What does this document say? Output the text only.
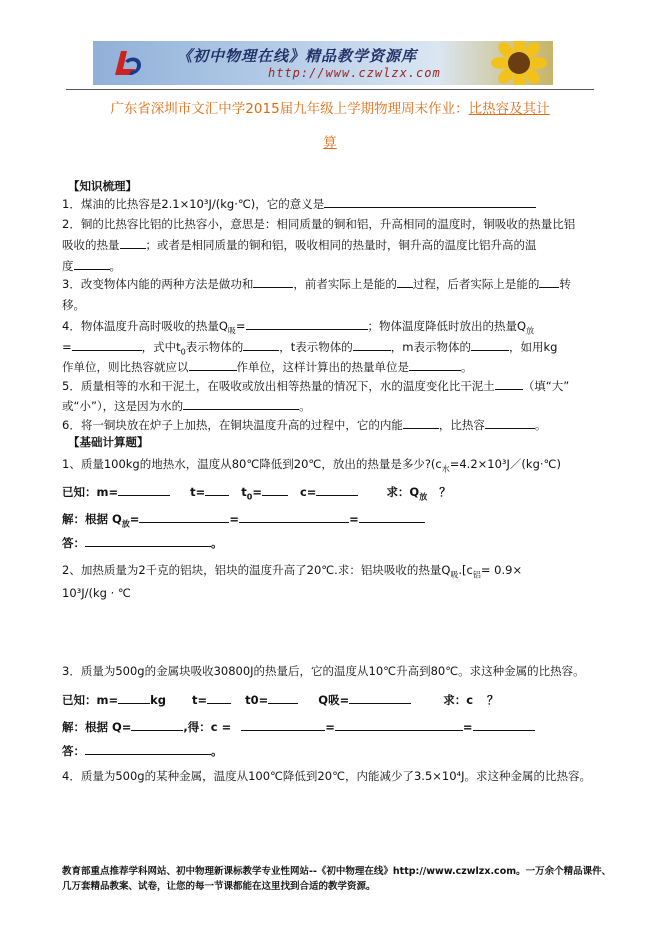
《初中物理在线》精品教学资源库
http://www.czwlzx.com
广东省深圳市文汇中学2015届九年级上学期物理周末作业：比热容及其计
算
【知识梳理】
1．煤油的比热容是2.1×10³J/(kg·℃)，它的意义是
2．铜的比热容比铝的比热容小，意思是：相同质量的铜和铝，升高相同的温度时，铜吸收的热量比铝
吸收的热量 ；或者是相同质量的铜和铝，吸收相同的热量时，铜升高的温度比铝升高的温
度	。
3．改变物体内能的两种方法是做功和	，前者实际上是能的 过程，后者实际上是能的 转
移。
4．物体温度升高时吸收的热量$Q_吸=$	；物体温度降低时放出的热量$Q_放$
=	，式中$t_0$表示物体的	，t表示物体的	，m表示物体的	，如用kg
作单位，则比热容就应以	作单位，这样计算出的热量单位是	。
5．质量相等的水和干泥土，在吸收或放出相等热量的情况下，水的温度变化比干泥土 （填“大”
或“小”），这是因为水的	。
6．将一铜块放在炉子上加热，在铜块温度升高的过程中，它的内能	，比热容	。
【基础计算题】
1、质量100kg的地热水，温度从80℃降低到20℃，放出的热量是多少$?(c_水=4.2\times 10^3J/(kg\cdot℃)$
已知：m=	t=	$t_0=$	c=	求：$Q_放$ ？
解：根据 $Q_放=$	=	=
答：	。
2、加热质量为2千克的铝块，铝块的温度升高了20℃.求：铝块吸收的热量$Q_吸.[c_铝= 0.9\times$
10³J/(kg · ℃
3．质量为500g的金属块吸收30800J的热量后，它的温度从10℃升高到80℃。求这种金属的比热容。
已知：m=	kg t=	t0=	Q吸=	求：c ？
解：根据 Q=	,得：c =	=	=
答：	。
4．质量为500g的某种金属，温度从100℃降低到20℃，内能减少了3.5×10⁴J。求这种金属的比热容。
教育部重点推荐学科网站、初中物理新课标教学专业性网站--《初中物理在线》http://www.czwlzx.com。一万余个精品课件、
几万套精品教案、试卷，让您的每一节课都能在这里找到合适的教学资源。
